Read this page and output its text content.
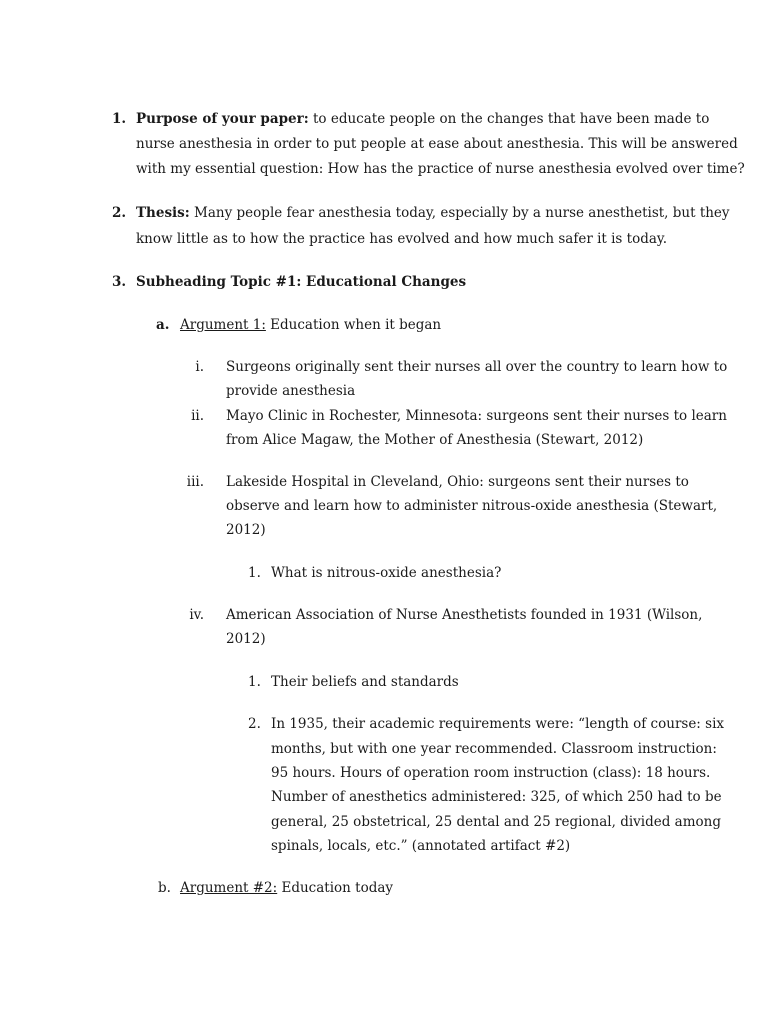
1. Purpose of your paper: to educate people on the changes that have been made to
nurse anesthesia in order to put people at ease about anesthesia. This will be answered
with my essential question: How has the practice of nurse anesthesia evolved over time?
2. Thesis: Many people fear anesthesia today, especially by a nurse anesthetist, but they
know little as to how the practice has evolved and how much safer it is today.
3. Subheading Topic #1: Educational Changes
a. Argument 1: Education when it began
i. Surgeons originally sent their nurses all over the country to learn how to
provide anesthesia
ii. Mayo Clinic in Rochester, Minnesota: surgeons sent their nurses to learn
from Alice Magaw, the Mother of Anesthesia (Stewart, 2012)
iii. Lakeside Hospital in Cleveland, Ohio: surgeons sent their nurses to
observe and learn how to administer nitrous-oxide anesthesia (Stewart,
2012)
1. What is nitrous-oxide anesthesia?
iv. American Association of Nurse Anesthetists founded in 1931 (Wilson,
2012)
1. Their beliefs and standards
2. In 1935, their academic requirements were: “length of course: six
months, but with one year recommended. Classroom instruction:
95 hours. Hours of operation room instruction (class): 18 hours.
Number of anesthetics administered: 325, of which 250 had to be
general, 25 obstetrical, 25 dental and 25 regional, divided among
spinals, locals, etc.” (annotated artifact #2)
b. Argument #2: Education today
